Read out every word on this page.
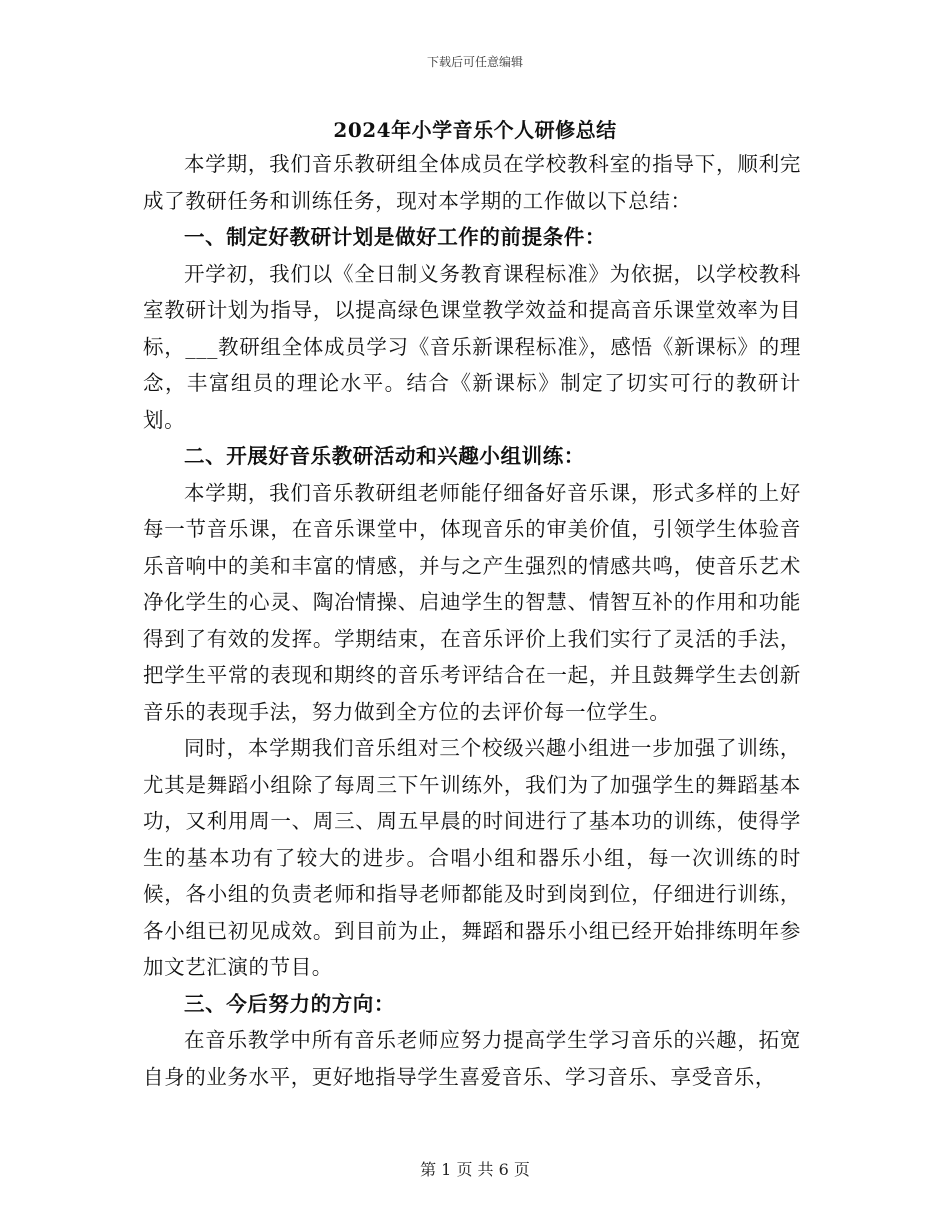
下载后可任意编辑
2024年小学音乐个人研修总结

本学期，我们音乐教研组全体成员在学校教科室的指导下，顺利完成了教研任务和训练任务，现对本学期的工作做以下总结：

一、制定好教研计划是做好工作的前提条件：

开学初，我们以《全日制义务教育课程标准》为依据，以学校教科室教研计划为指导，以提高绿色课堂教学效益和提高音乐课堂效率为目标，___教研组全体成员学习《音乐新课程标准》，感悟《新课标》的理念，丰富组员的理论水平。结合《新课标》制定了切实可行的教研计划。

二、开展好音乐教研活动和兴趣小组训练：

本学期，我们音乐教研组老师能仔细备好音乐课，形式多样的上好每一节音乐课，在音乐课堂中，体现音乐的审美价值，引领学生体验音乐音响中的美和丰富的情感，并与之产生强烈的情感共鸣，使音乐艺术净化学生的心灵、陶冶情操、启迪学生的智慧、情智互补的作用和功能得到了有效的发挥。学期结束，在音乐评价上我们实行了灵活的手法，把学生平常的表现和期终的音乐考评结合在一起，并且鼓舞学生去创新音乐的表现手法，努力做到全方位的去评价每一位学生。

同时，本学期我们音乐组对三个校级兴趣小组进一步加强了训练，尤其是舞蹈小组除了每周三下午训练外，我们为了加强学生的舞蹈基本功，又利用周一、周三、周五早晨的时间进行了基本功的训练，使得学生的基本功有了较大的进步。合唱小组和器乐小组，每一次训练的时候，各小组的负责老师和指导老师都能及时到岗到位，仔细进行训练，各小组已初见成效。到目前为止，舞蹈和器乐小组已经开始排练明年参加文艺汇演的节目。

三、今后努力的方向：

在音乐教学中所有音乐老师应努力提高学生学习音乐的兴趣，拓宽自身的业务水平，更好地指导学生喜爱音乐、学习音乐、享受音乐，

第 1 页 共 6 页
